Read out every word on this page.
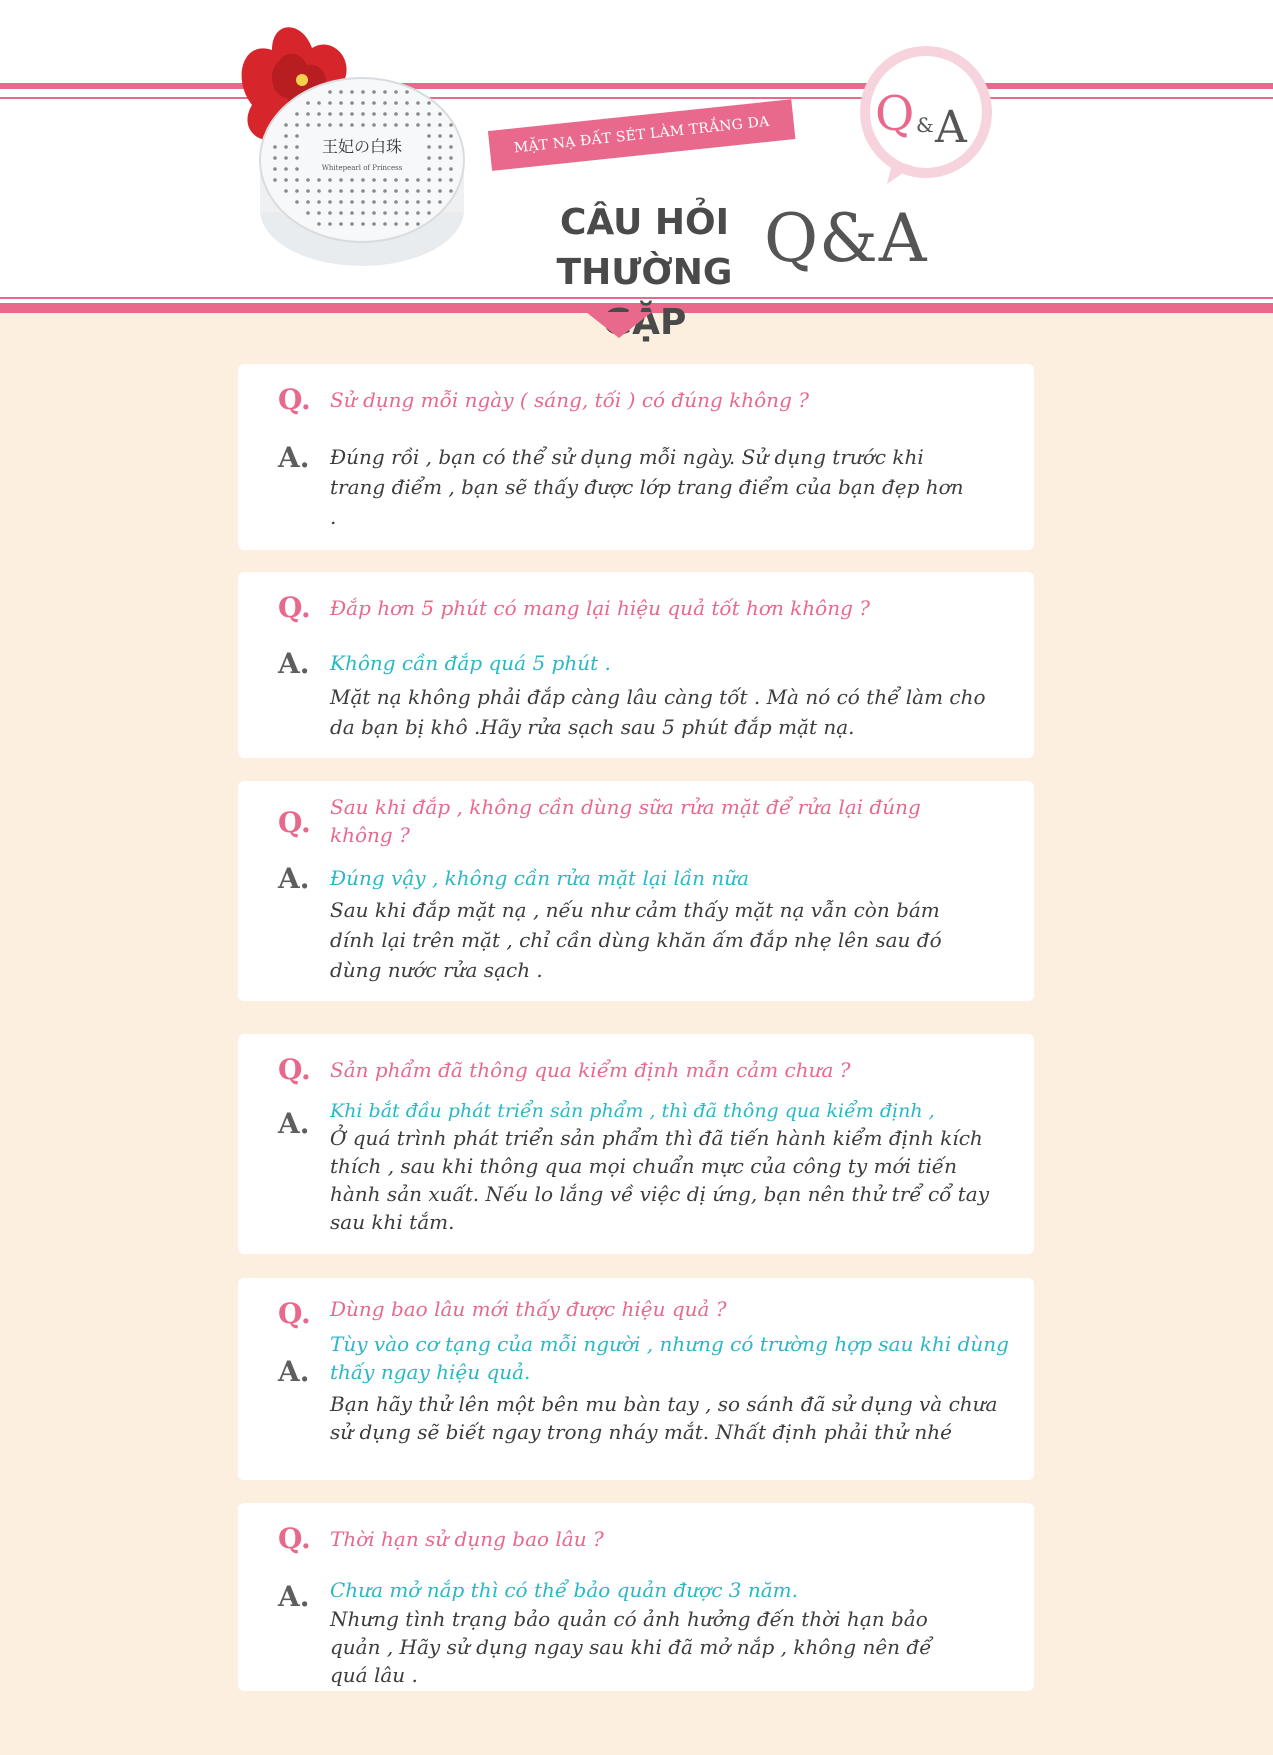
王妃の白珠
Whitepearl of Princess
MẶT NẠ ĐẤT SÉT LÀM TRẮNG DA
CÂU HỎI THƯỜNG GẶP
Q&A
Q & A
Q. Sử dụng mỗi ngày ( sáng, tối ) có đúng không ?
A. Đúng rồi , bạn có thể sử dụng mỗi ngày. Sử dụng trước khi trang điểm , bạn sẽ thấy được lớp trang điểm của bạn đẹp hơn .
Q. Đắp hơn 5 phút có mang lại hiệu quả tốt hơn không ?
A. Không cần đắp quá 5 phút .
Mặt nạ không phải đắp càng lâu càng tốt . Mà nó có thể làm cho da bạn bị khô .Hãy rửa sạch sau 5 phút đắp mặt nạ.
Q. Sau khi đắp , không cần dùng sữa rửa mặt để rửa lại đúng không ?
A. Đúng vậy , không cần rửa mặt lại lần nữa
Sau khi đắp mặt nạ , nếu như cảm thấy mặt nạ vẫn còn bám dính lại trên mặt , chỉ cần dùng khăn ấm đắp nhẹ lên sau đó dùng nước rửa sạch .
Q. Sản phẩm đã thông qua kiểm định mẫn cảm chưa ?
A. Khi bắt đầu phát triển sản phẩm , thì đã thông qua kiểm định ,
Ở quá trình phát triển sản phẩm thì đã tiến hành kiểm định kích thích , sau khi thông qua mọi chuẩn mực của công ty mới tiến hành sản xuất. Nếu lo lắng về việc dị ứng, bạn nên thử trể cổ tay sau khi tắm.
Q. Dùng bao lâu mới thấy được hiệu quả ?
A.
Tùy vào cơ tạng của mỗi người , nhưng có trường hợp sau khi dùng thấy ngay hiệu quả.
Bạn hãy thử lên một bên mu bàn tay , so sánh đã sử dụng và chưa sử dụng sẽ biết ngay trong nháy mắt. Nhất định phải thử nhé
Q. Thời hạn sử dụng bao lâu ?
A. Chưa mở nắp thì có thể bảo quản được 3 năm.
Nhưng tình trạng bảo quản có ảnh hưởng đến thời hạn bảo quản , Hãy sử dụng ngay sau khi đã mở nắp , không nên để quá lâu .
